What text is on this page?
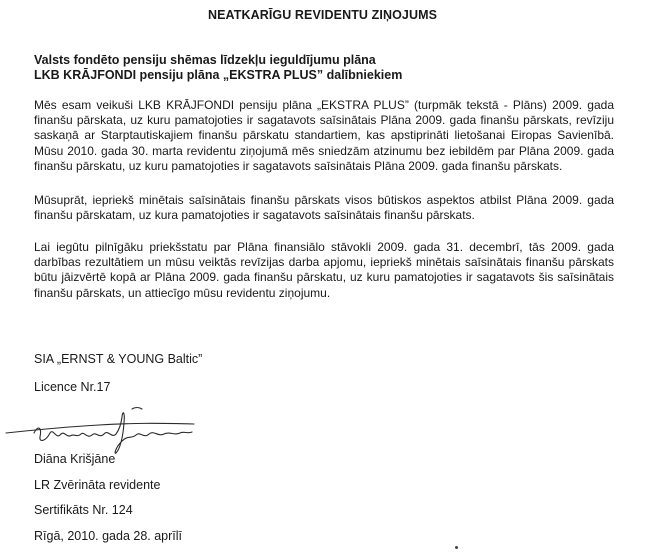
NEATKARĪGU REVIDENTU ZIŅOJUMS
Valsts fondēto pensiju shēmas līdzekļu ieguldījumu plāna
LKB KRĀJFONDI pensiju plāna „EKSTRA PLUS” dalībniekiem

Mēs esam veikuši LKB KRĀJFONDI pensiju plāna „EKSTRA PLUS” (turpmāk tekstā - Plāns) 2009. gada finanšu pārskata, uz kuru pamatojoties ir sagatavots saīsinātais Plāna 2009. gada finanšu pārskats, revīziju saskaņā ar Starptautiskajiem finanšu pārskatu standartiem, kas apstiprināti lietošanai Eiropas Savienībā. Mūsu 2010. gada 30. marta revidentu ziņojumā mēs sniedzām atzinumu bez iebildēm par Plāna 2009. gada finanšu pārskatu, uz kuru pamatojoties ir sagatavots saīsinātais Plāna 2009. gada finanšu pārskats.

Mūsuprāt, iepriekš minētais saīsinātais finanšu pārskats visos būtiskos aspektos atbilst Plāna 2009. gada finanšu pārskatam, uz kura pamatojoties ir sagatavots saīsinātais finanšu pārskats.

Lai iegūtu pilnīgāku priekšstatu par Plāna finansiālo stāvokli 2009. gada 31. decembrī, tās 2009. gada darbības rezultātiem un mūsu veiktās revīzijas darba apjomu, iepriekš minētais saīsinātais finanšu pārskats būtu jāizvērtē kopā ar Plāna 2009. gada finanšu pārskatu, uz kuru pamatojoties ir sagatavots šis saīsinātais finanšu pārskats, un attiecīgo mūsu revidentu ziņojumu.

SIA „ERNST & YOUNG Baltic”
Licence Nr.17
Diāna Krišjāne
LR Zvērināta revidente
Sertifikāts Nr. 124
Rīgā, 2010. gada 28. aprīlī
